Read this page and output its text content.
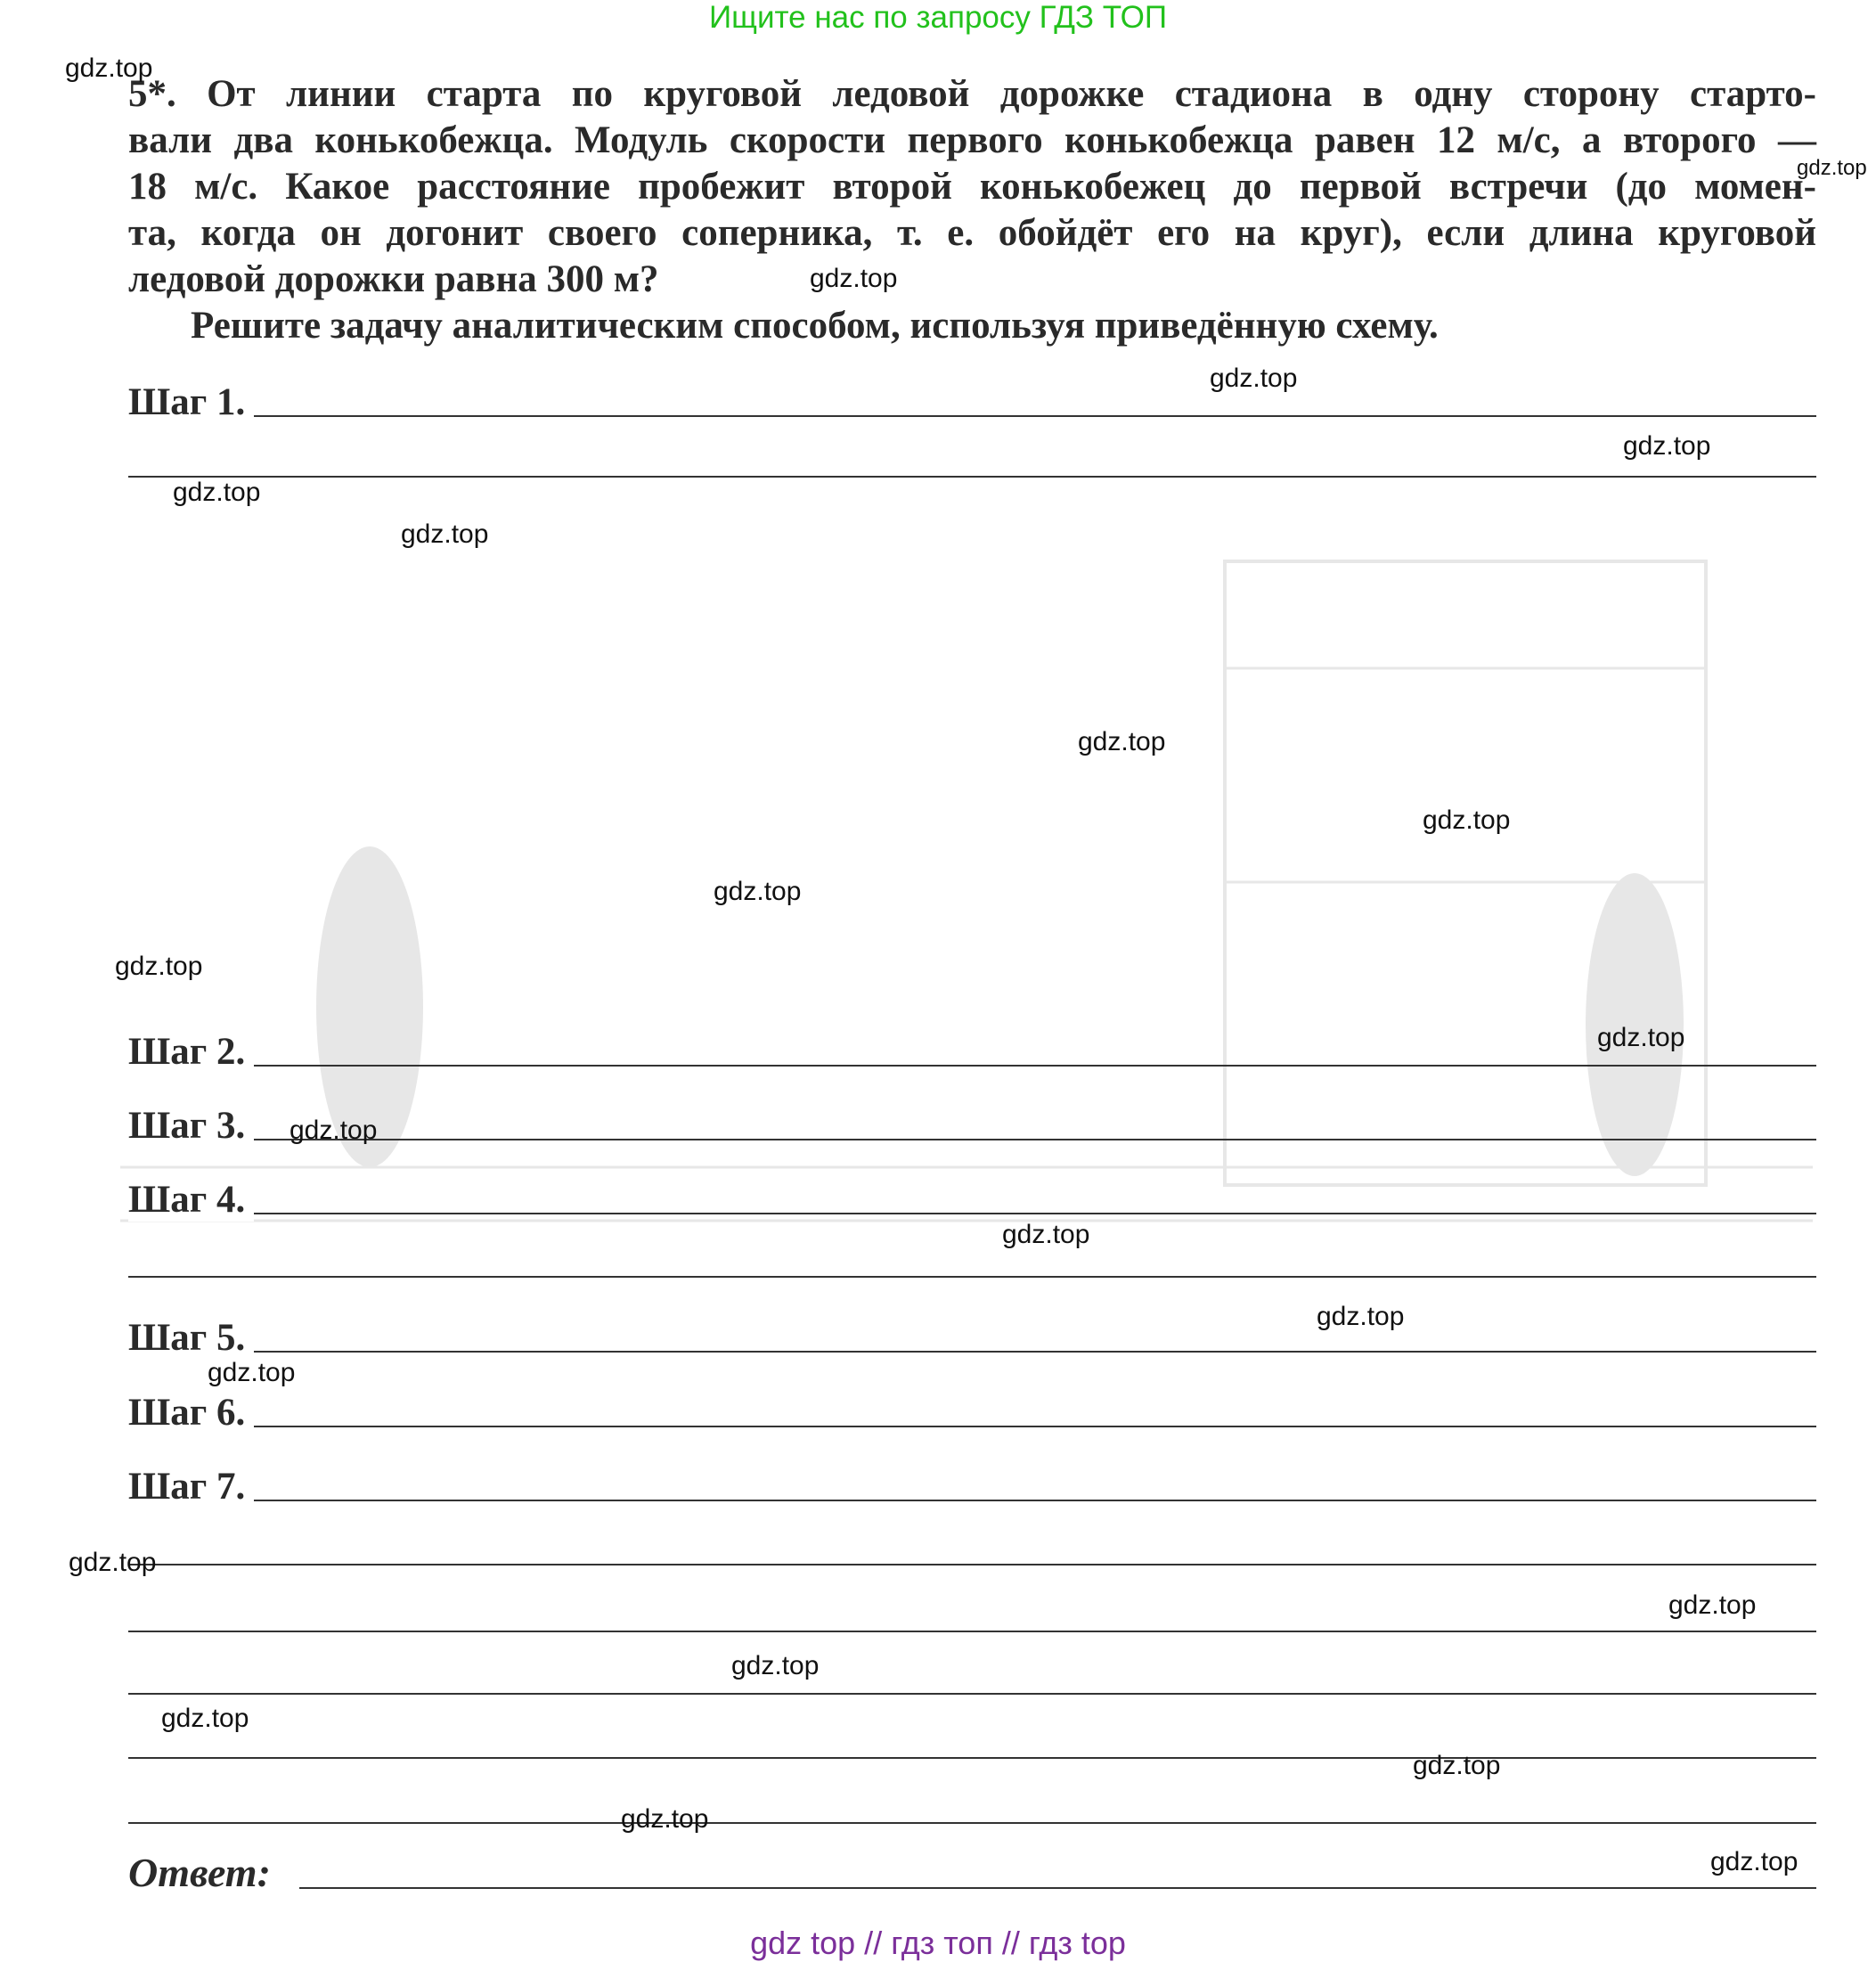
Ищите нас по запросу ГДЗ ТОП

5*. От линии старта по круговой ледовой дорожке стадиона в одну сторону старто-

вали два конькобежца. Модуль скорости первого конькобежца равен 12 м/с, а второго —

18 м/с. Какое расстояние пробежит второй конькобежец до первой встречи (до момен-

та, когда он догонит своего соперника, т. е. обойдёт его на круг), если длина круговой

ледовой дорожки равна 300 м?

Решите задачу аналитическим способом, используя приведённую схему.
Шаг 1.
Шаг 2.
Шаг 3.
Шаг 4.
Шаг 5.
Шаг 6.
Шаг 7.
Ответ:
gdz.top
gdz.top
gdz.top
gdz.top
gdz.top
gdz.top
gdz.top
gdz.top
gdz.top
gdz.top
gdz.top
gdz.top
gdz.top
gdz.top
gdz.top
gdz.top
gdz.top
gdz.top
gdz.top
gdz.top
gdz.top
gdz.top
gdz.top
gdz top // гдз топ // гдз top
